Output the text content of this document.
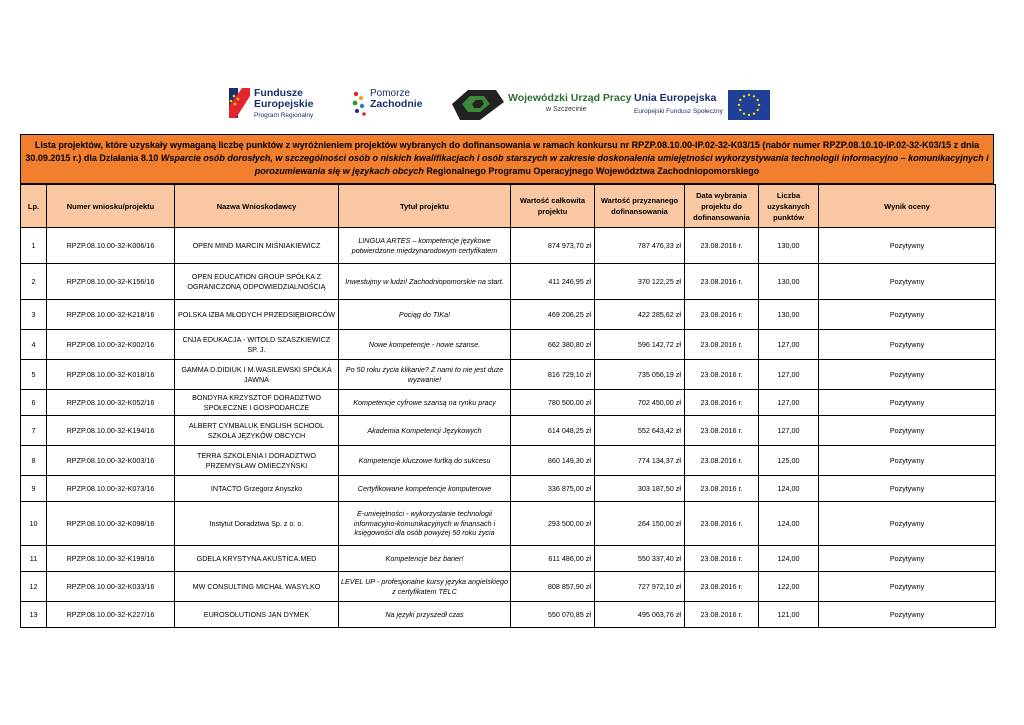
Fundusze
Europejskie
Program Regionalny
Pomorze
Zachodnie	Wojewódzki Urząd Pracy
w Szczecinie
Unia Europejska
Europejski Fundusz Społeczny
Lista projektów, które uzyskały wymaganą liczbę punktów z wyróżnieniem projektów wybranych do dofinansowania w ramach konkursu nr RPZP.08.10.00-IP.02-32-K03/15 (nabór numer RPZP.08.10.10-IP.02-32-K03/15 z dnia 30.09.2015 r.) dla Działania 8.10 Wsparcie osób dorosłych, w szczególności osób o niskich kwalifikacjach i osób starszych w zakresie doskonalenia umiejętności wykorzystywania technologii informacyjno – komunikacyjnych i porozumiewania się w językach obcych Regionalnego Programu Operacyjnego Województwa Zachodniopomorskiego
Lp.	Numer wniosku/projektu	Nazwa Wnioskodawcy	Tytuł projektu	Wartość całkowita projektu	Wartość przyznanego dofinansowania	Data wybrania projektu do dofinansowania	Liczba uzyskanych punktów	Wynik oceny
1	RPZP.08.10.00-32-K006/16	OPEN MIND MARCIN MIŚNIAKIEWICZ	LINGUA ARTES – kompetencje językowe potwierdzone międzynarodowym certyfikatem	874 973,70 zł	787 476,33 zł	23.08.2016 r.	130,00	Pozytywny
2	RPZP.08.10.00-32-K156/16	OPEN EDUCATION GROUP SPÓŁKA Z OGRANICZONĄ ODPOWIEDZIALNOŚCIĄ	Inwestujmy w ludzi! Zachodniopomorskie na start.	411 246,95 zł	370 122,25 zł	23.08.2016 r.	130,00	Pozytywny
3	RPZP.08.10.00-32-K218/16	POLSKA IZBA MŁODYCH PRZEDSIĘBIORCÓW	Pociąg do TIKa!	469 206,25 zł	422 285,62 zł	23.08.2016 r.	130,00	Pozytywny
4	RPZP.08.10.00-32-K002/16	CNJA EDUKACJA - WITOLD SZASZKIEWICZ SP. J.	Nowe kompetencje - nowe szanse.	662 380,80 zł	596 142,72 zł	23.08.2016 r.	127,00	Pozytywny
5	RPZP.08.10.00-32-K018/16	GAMMA D.DIDIUK I M.WASILEWSKI SPÓŁKA JAWNA	Po 50 roku życia klikanie? Z nami to nie jest duże wyzwanie!	816 729,10 zł	735 056,19 zł	23.08.2016 r.	127,00	Pozytywny
6	RPZP.08.10.00-32-K052/16	BONDYRA KRZYSZTOF DORADZTWO SPOŁECZNE I GOSPODARCZE	Kompetencje cyfrowe szansą na rynku pracy	780 500,00 zł	702 450,00 zł	23.08.2016 r.	127,00	Pozytywny
7	RPZP.08.10.00-32-K194/16	ALBERT CYMBALUK ENGLISH SCHOOL SZKOŁA JĘZYKÓW OBCYCH	Akademia Kompetencji Językowych	614 048,25 zł	552 643,42 zł	23.08.2016 r.	127,00	Pozytywny
8	RPZP.08.10.00-32-K003/16	TERRA SZKOLENIA I DORADZTWO PRZEMYSŁAW OMIECZYŃSKI	Kompetencje kluczowe furtką do sukcesu	860 149,30 zł	774 134,37 zł	23.08.2016 r.	125,00	Pozytywny
9	RPZP.08.10.00-32-K073/16	INTACTO Grzegorz Anyszko	Certyfikowane kompetencje komputerowe	336 875,00 zł	303 187,50 zł	23.08.2016 r.	124,00	Pozytywny
10	RPZP.08.10.00-32-K098/16	Instytut Doradztwa Sp. z o. o.	E-umiejętności - wykorzystanie technologii informacyjno-komunikacyjnych w finansach i księgowości dla osób powyżej 50 roku życia	293 500,00 zł	264 150,00 zł	23.08.2016 r.	124,00	Pozytywny
11	RPZP.08.10.00-32-K199/16	GDELA KRYSTYNA AKUSTICA.MED	Kompetencje bez barier!	611 486,00 zł	550 337,40 zł	23.08.2016 r.	124,00	Pozytywny
12	RPZP.08.10.00-32-K033/16	MW CONSULTING MICHAŁ WASYLKO	LEVEL UP - profesjonalne kursy języka angielskiego z certyfikatem TELC	808 857,90 zł	727 972,10 zł	23.08.2016 r.	122,00	Pozytywny
13	RPZP.08.10.00-32-K227/16	EUROSOLUTIONS JAN DYMEK	Na języki przyszedł czas	550 070,85 zł	495 063,76 zł	23.08.2016 r.	121,00	Pozytywny
